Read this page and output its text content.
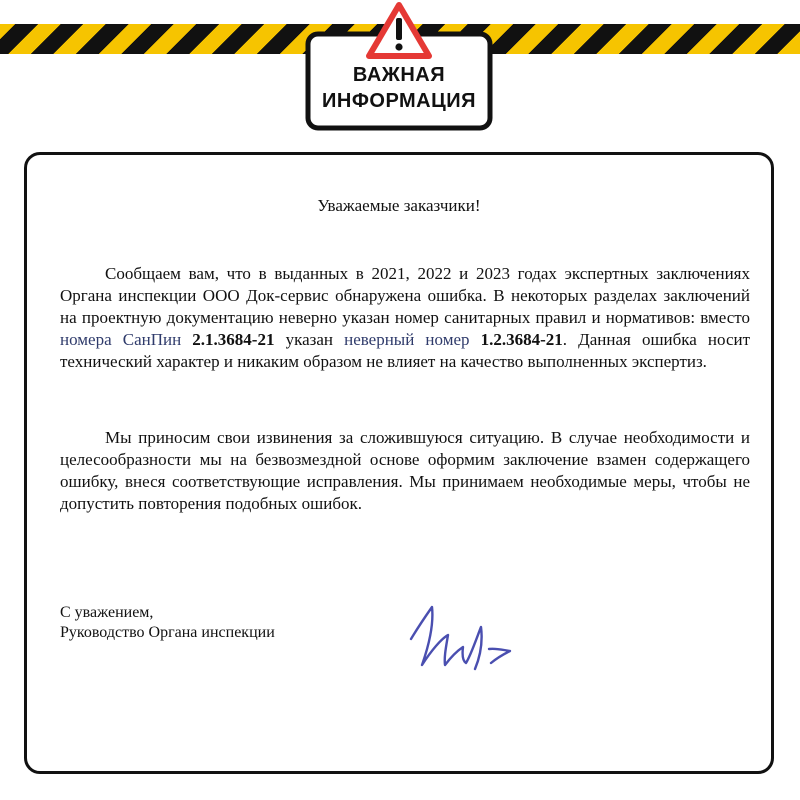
ВАЖНАЯ
ИНФОРМАЦИЯ
Уважаемые заказчики!
Сообщаем вам, что в выданных в 2021, 2022 и 2023 годах экспертных заключениях Органа инспекции ООО Док-сервис обнаружена ошибка. В некоторых разделах заключений на проектную документацию неверно указан номер санитарных правил и нормативов: вместо номера СанПин 2.1.3684-21 указан неверный номер 1.2.3684-21. Данная ошибка носит технический характер и никаким образом не влияет на качество выполненных экспертиз.
Мы приносим свои извинения за сложившуюся ситуацию. В случае необходимости и целесообразности мы на безвозмездной основе оформим заключение взамен содержащего ошибку, внеся соответствующие исправления. Мы принимаем необходимые меры, чтобы не допустить повторения подобных ошибок.
С уважением,
Руководство Органа инспекции
